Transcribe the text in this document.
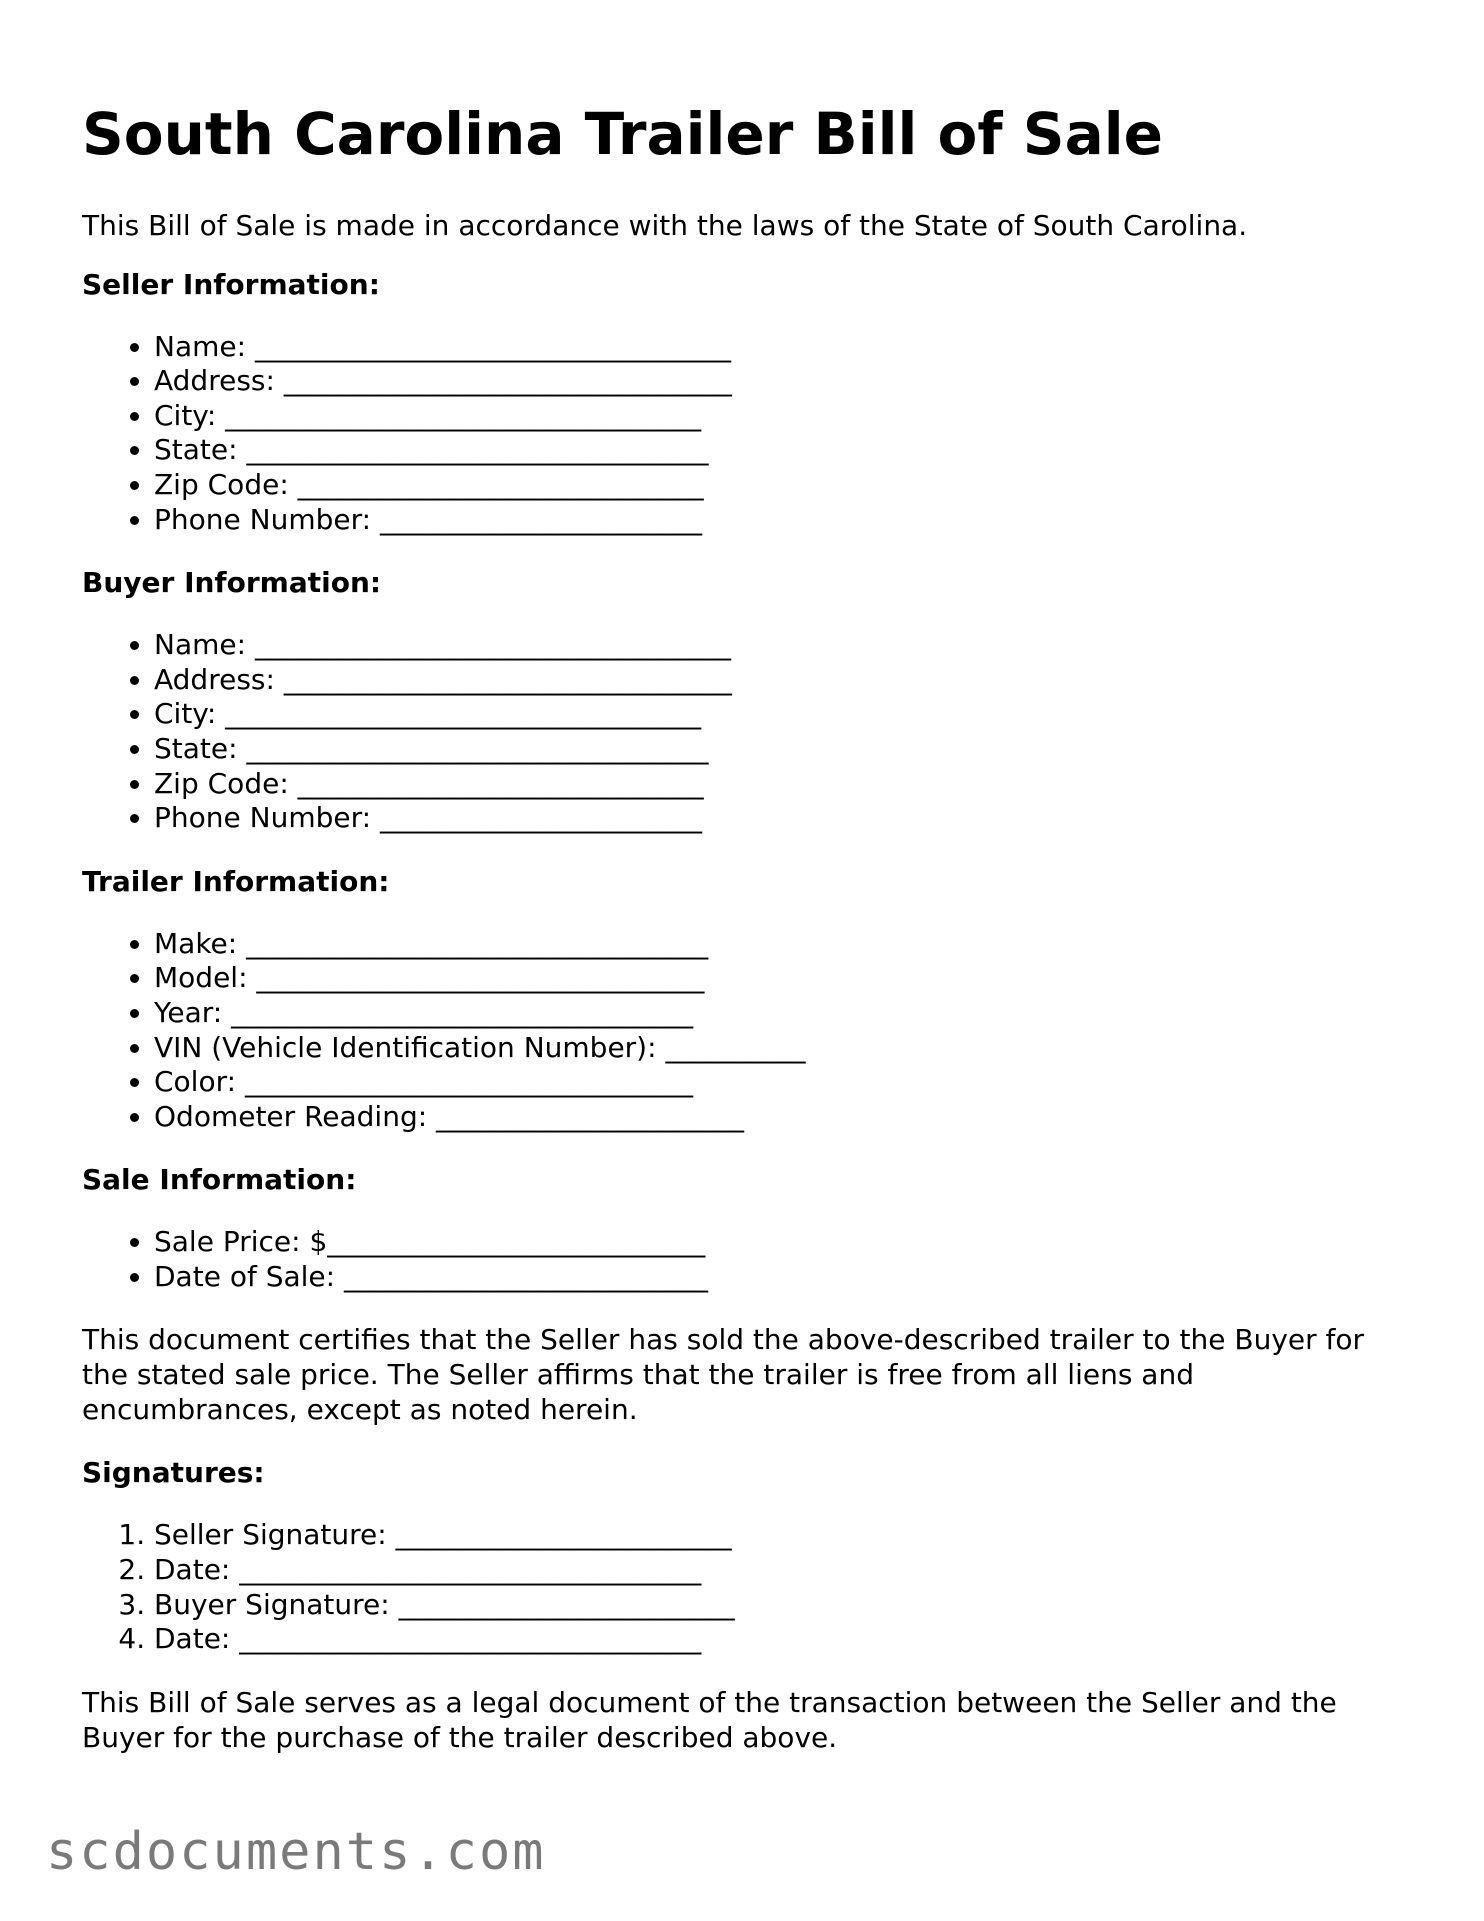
South Carolina Trailer Bill of Sale

This Bill of Sale is made in accordance with the laws of the State of South Carolina.

Seller Information:
• Name: __________________________________
• Address: ________________________________
• City: __________________________________
• State: _________________________________
• Zip Code: _____________________________
• Phone Number: _______________________
Buyer Information:
• Name: __________________________________
• Address: ________________________________
• City: __________________________________
• State: _________________________________
• Zip Code: _____________________________
• Phone Number: _______________________
Trailer Information:
• Make: _________________________________
• Model: ________________________________
• Year: _________________________________
• VIN (Vehicle Identification Number): __________
• Color: ________________________________
• Odometer Reading: ______________________
Sale Information:
• Sale Price: $___________________________
• Date of Sale: __________________________

This document certifies that the Seller has sold the above-described trailer to the Buyer for the stated sale price. The Seller affirms that the trailer is free from all liens and encumbrances, except as noted herein.

Signatures:
1. Seller Signature: ________________________
2. Date: _________________________________
3. Buyer Signature: ________________________
4. Date: _________________________________

This Bill of Sale serves as a legal document of the transaction between the Seller and the Buyer for the purchase of the trailer described above.

scdocuments.com
